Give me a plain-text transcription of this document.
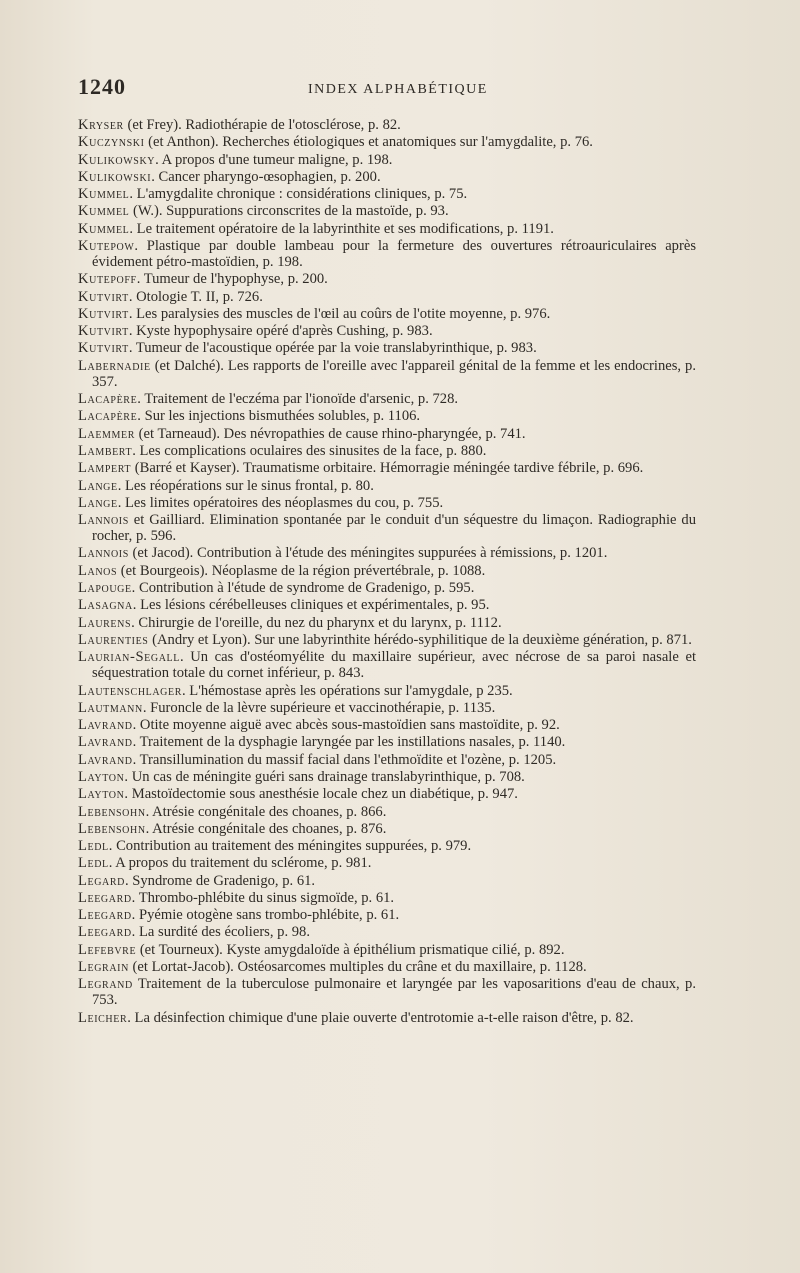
1240	INDEX ALPHABÉTIQUE

Kryser (et Frey). Radiothérapie de l'otosclérose, p. 82.

Kuczynski (et Anthon). Recherches étiologiques et anatomiques sur l'amygdalite, p. 76.

Kulikowsky. A propos d'une tumeur maligne, p. 198.

Kulikowski. Cancer pharyngo-œsophagien, p. 200.

Kummel. L'amygdalite chronique : considérations cliniques, p. 75.

Kummel (W.). Suppurations circonscrites de la mastoïde, p. 93.

Kummel. Le traitement opératoire de la labyrinthite et ses modifications, p. 1191.

Kutepow. Plastique par double lambeau pour la fermeture des ouvertures rétroauriculaires après évidement pétro-mastoïdien, p. 198.

Kutepoff. Tumeur de l'hypophyse, p. 200.

Kutvirt. Otologie T. II, p. 726.

Kutvirt. Les paralysies des muscles de l'œil au coûrs de l'otite moyenne, p. 976.

Kutvirt. Kyste hypophysaire opéré d'après Cushing, p. 983.

Kutvirt. Tumeur de l'acoustique opérée par la voie translabyrinthique, p. 983.

Labernadie (et Dalché). Les rapports de l'oreille avec l'appareil génital de la femme et les endocrines, p. 357.

Lacapère. Traitement de l'eczéma par l'ionoïde d'arsenic, p. 728.

Lacapère. Sur les injections bismuthées solubles, p. 1106.

Laemmer (et Tarneaud). Des névropathies de cause rhino-pharyngée, p. 741.

Lambert. Les complications oculaires des sinusites de la face, p. 880.

Lampert (Barré et Kayser). Traumatisme orbitaire. Hémorragie méningée tardive fébrile, p. 696.

Lange. Les réopérations sur le sinus frontal, p. 80.

Lange. Les limites opératoires des néoplasmes du cou, p. 755.

Lannois et Gailliard. Elimination spontanée par le conduit d'un séquestre du limaçon. Radiographie du rocher, p. 596.

Lannois (et Jacod). Contribution à l'étude des méningites suppurées à rémissions, p. 1201.

Lanos (et Bourgeois). Néoplasme de la région prévertébrale, p. 1088.

Lapouge. Contribution à l'étude de syndrome de Gradenigo, p. 595.

Lasagna. Les lésions cérébelleuses cliniques et expérimentales, p. 95.

Laurens. Chirurgie de l'oreille, du nez du pharynx et du larynx, p. 1112.

Laurenties (Andry et Lyon). Sur une labyrinthite hérédo-syphilitique de la deuxième génération, p. 871.

Laurian-Segall. Un cas d'ostéomyélite du maxillaire supérieur, avec nécrose de sa paroi nasale et séquestration totale du cornet inférieur, p. 843.

Lautenschlager. L'hémostase après les opérations sur l'amygdale, p 235.

Lautmann. Furoncle de la lèvre supérieure et vaccinothérapie, p. 1135.

Lavrand. Otite moyenne aiguë avec abcès sous-mastoïdien sans mastoïdite, p. 92.

Lavrand. Traitement de la dysphagie laryngée par les instillations nasales, p. 1140.

Lavrand. Transillumination du massif facial dans l'ethmoïdite et l'ozène, p. 1205.

Layton. Un cas de méningite guéri sans drainage translabyrinthique, p. 708.

Layton. Mastoïdectomie sous anesthésie locale chez un diabétique, p. 947.

Lebensohn. Atrésie congénitale des choanes, p. 866.

Lebensohn. Atrésie congénitale des choanes, p. 876.

Ledl. Contribution au traitement des méningites suppurées, p. 979.

Ledl. A propos du traitement du sclérome, p. 981.

Legard. Syndrome de Gradenigo, p. 61.

Leegard. Thrombo-phlébite du sinus sigmoïde, p. 61.

Leegard. Pyémie otogène sans trombo-phlébite, p. 61.

Leegard. La surdité des écoliers, p. 98.

Lefebvre (et Tourneux). Kyste amygdaloïde à épithélium prismatique cilié, p. 892.

Legrain (et Lortat-Jacob). Ostéosarcomes multiples du crâne et du maxillaire, p. 1128.

Legrand Traitement de la tuberculose pulmonaire et laryngée par les vaposaritions d'eau de chaux, p. 753.

Leicher. La désinfection chimique d'une plaie ouverte d'entrotomie a-t-elle raison d'être, p. 82.
